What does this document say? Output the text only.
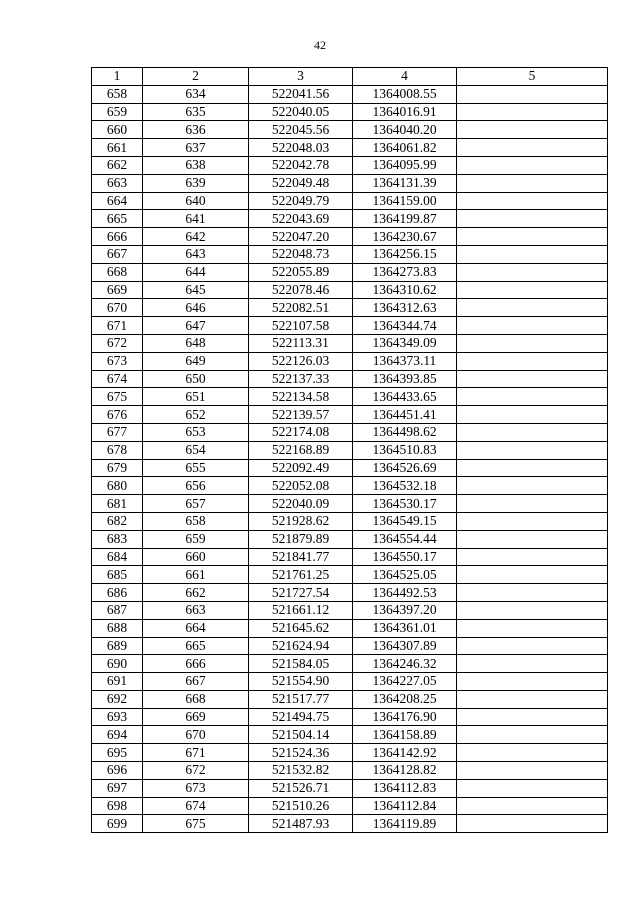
42
1	2	3	4	5
658	634	522041.56	1364008.55	
659	635	522040.05	1364016.91	
660	636	522045.56	1364040.20	
661	637	522048.03	1364061.82	
662	638	522042.78	1364095.99	
663	639	522049.48	1364131.39	
664	640	522049.79	1364159.00	
665	641	522043.69	1364199.87	
666	642	522047.20	1364230.67	
667	643	522048.73	1364256.15	
668	644	522055.89	1364273.83	
669	645	522078.46	1364310.62	
670	646	522082.51	1364312.63	
671	647	522107.58	1364344.74	
672	648	522113.31	1364349.09	
673	649	522126.03	1364373.11	
674	650	522137.33	1364393.85	
675	651	522134.58	1364433.65	
676	652	522139.57	1364451.41	
677	653	522174.08	1364498.62	
678	654	522168.89	1364510.83	
679	655	522092.49	1364526.69	
680	656	522052.08	1364532.18	
681	657	522040.09	1364530.17	
682	658	521928.62	1364549.15	
683	659	521879.89	1364554.44	
684	660	521841.77	1364550.17	
685	661	521761.25	1364525.05	
686	662	521727.54	1364492.53	
687	663	521661.12	1364397.20	
688	664	521645.62	1364361.01	
689	665	521624.94	1364307.89	
690	666	521584.05	1364246.32	
691	667	521554.90	1364227.05	
692	668	521517.77	1364208.25	
693	669	521494.75	1364176.90	
694	670	521504.14	1364158.89	
695	671	521524.36	1364142.92	
696	672	521532.82	1364128.82	
697	673	521526.71	1364112.83	
698	674	521510.26	1364112.84	
699	675	521487.93	1364119.89	
